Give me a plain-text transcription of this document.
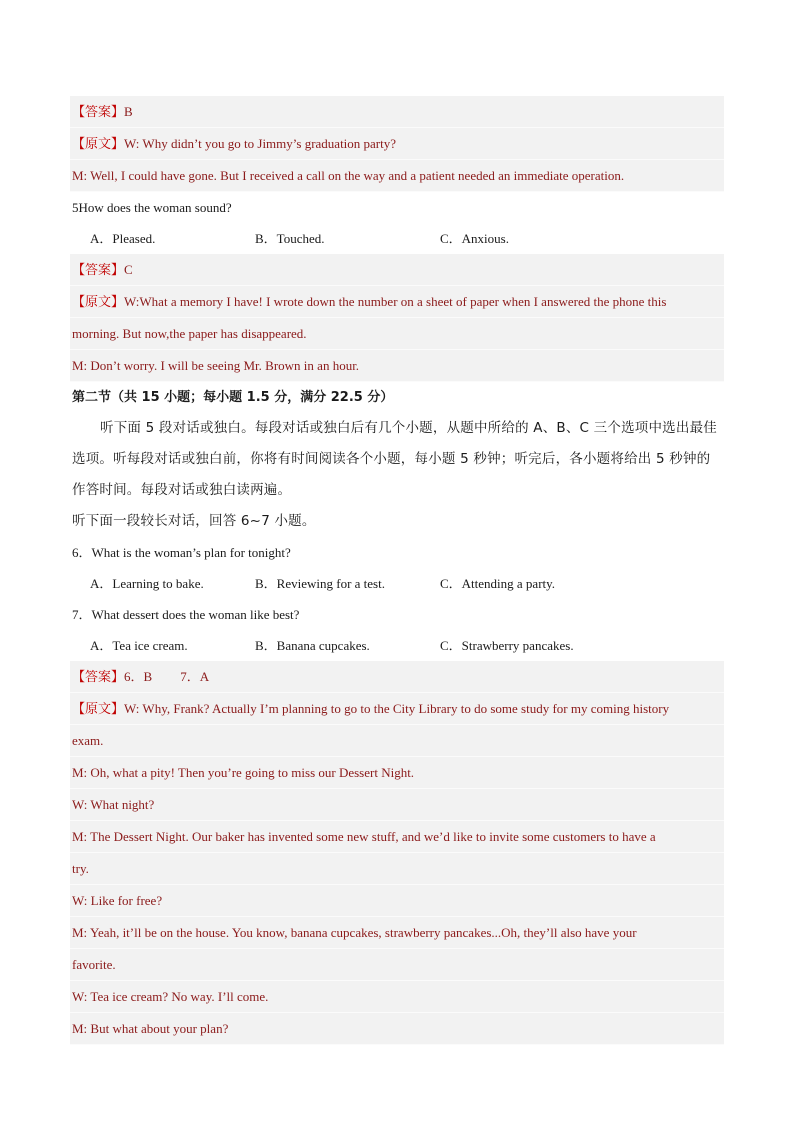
【答案】B
【原文】W: Why didn’t you go to Jimmy’s graduation party?
M: Well, I could have gone. But I received a call on the way and a patient needed an immediate operation.
5How does the woman sound?
A．Pleased.	B．Touched.	C．Anxious.
【答案】C
【原文】W:What a memory I have! I wrote down the number on a sheet of paper when I answered the phone this
morning. But now,the paper has disappeared.
M: Don’t worry. I will be seeing Mr. Brown in an hour.
第二节（共 15 小题；每小题 1.5 分，满分 22.5 分）
听下面 5 段对话或独白。每段对话或独白后有几个小题，从题中所给的 A、B、C 三个选项中选出最佳
选项。听每段对话或独白前，你将有时间阅读各个小题，每小题 5 秒钟；听完后，各小题将给出 5 秒钟的
作答时间。每段对话或独白读两遍。
听下面一段较长对话，回答 6~7 小题。
6．What is the woman’s plan for tonight?
A．Learning to bake.	B．Reviewing for a test.	C．Attending a party.
7．What dessert does the woman like best?
A．Tea ice cream.	B．Banana cupcakes.	C．Strawberry pancakes.
【答案】6．B 7．A
【原文】W: Why, Frank? Actually I’m planning to go to the City Library to do some study for my coming history
exam.
M: Oh, what a pity! Then you’re going to miss our Dessert Night.
W: What night?
M: The Dessert Night. Our baker has invented some new stuff, and we’d like to invite some customers to have a
try.
W: Like for free?
M: Yeah, it’ll be on the house. You know, banana cupcakes, strawberry pancakes...Oh, they’ll also have your
favorite.
W: Tea ice cream? No way. I’ll come.
M: But what about your plan?
